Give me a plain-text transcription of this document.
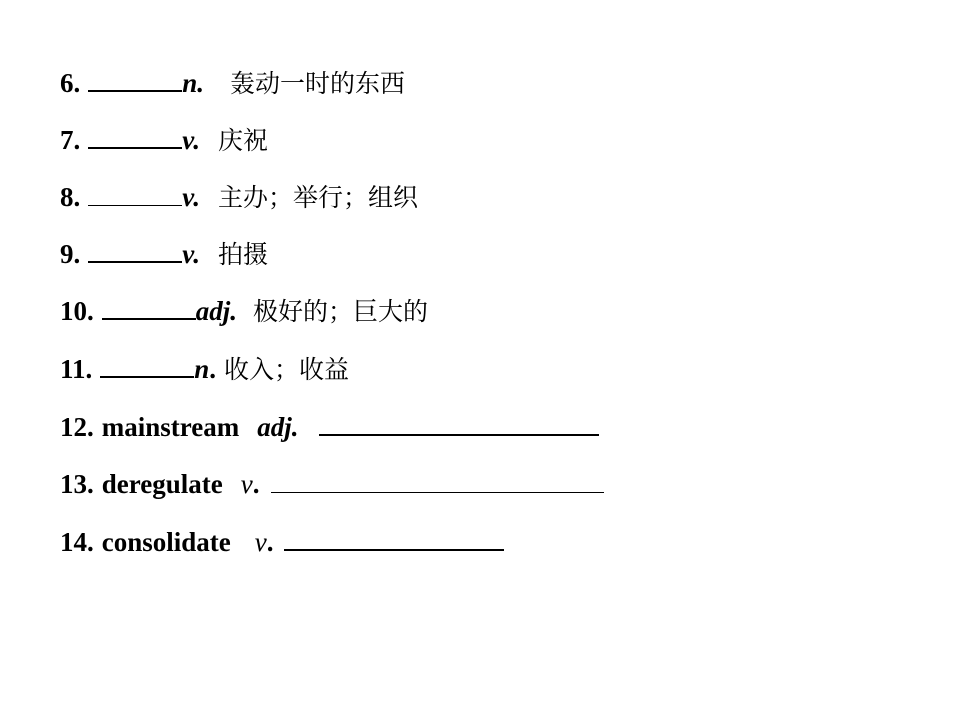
6.	n. 轰动一时的东西
7.	v. 庆祝
8.	v. 主办；举行；组织
9.	v. 拍摄
10.	adj. 极好的；巨大的
11.	n . 收入；收益
12. mainstream adj.
13. deregulate v .
14. consolidate v .
